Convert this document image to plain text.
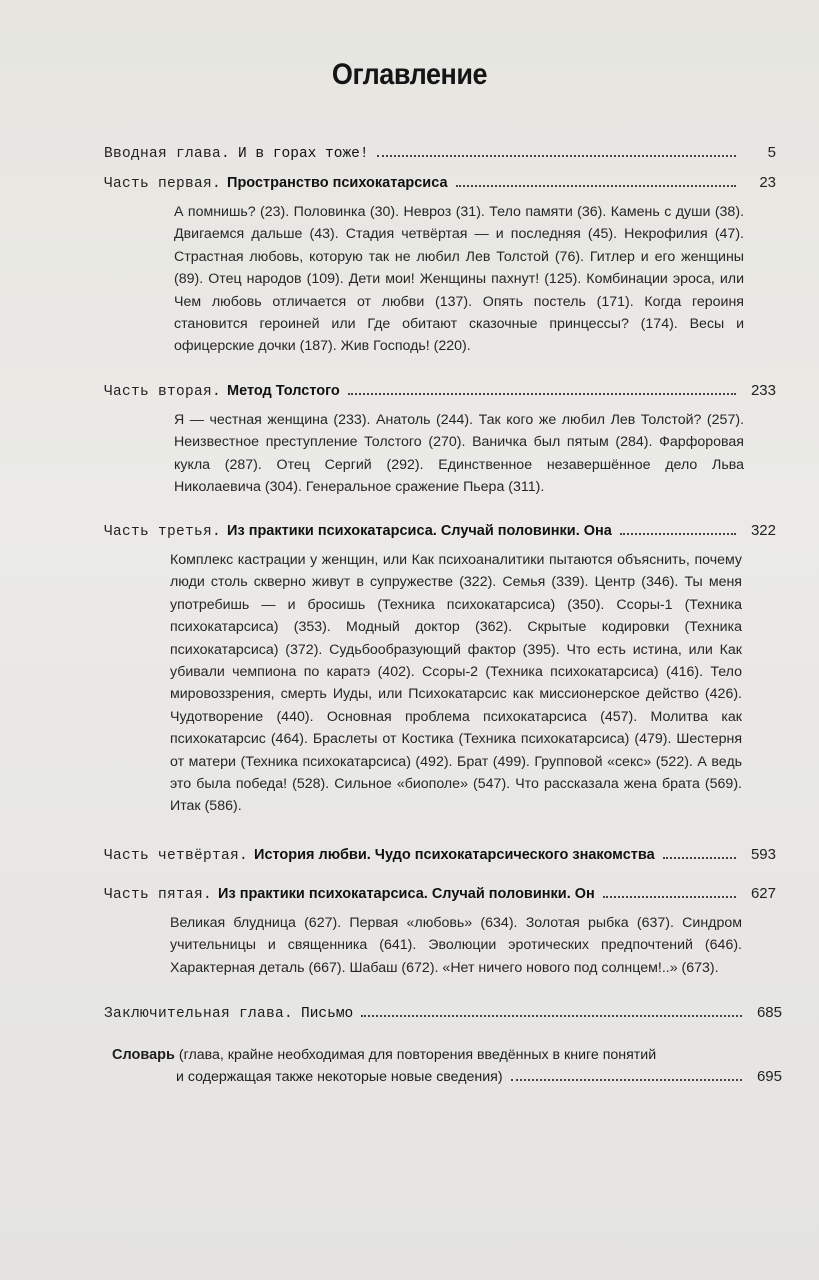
Оглавление
Вводная глава. И в горах тоже!	5
Часть первая. Пространство психокатарсиса	23
А помнишь? (23). Половинка (30). Невроз (31). Тело памяти (36). Камень с души (38). Двигаемся дальше (43). Стадия четвёртая — и последняя (45). Некрофилия (47). Страстная любовь, которую так не любил Лев Толстой (76). Гитлер и его женщины (89). Отец народов (109). Дети мои! Женщины пахнут! (125). Комбинации эроса, или Чем любовь отличается от любви (137). Опять постель (171). Когда героиня становится героиней или Где обитают сказочные принцессы? (174). Весы и офицерские дочки (187). Жив Господь! (220).
Часть вторая. Метод Толстого	233
Я — честная женщина (233). Анатоль (244). Так кого же любил Лев Толстой? (257). Неизвестное преступление Толстого (270). Ваничка был пятым (284). Фарфоровая кукла (287). Отец Сергий (292). Единственное незавершённое дело Льва Николаевича (304). Генеральное сражение Пьера (311).
Часть третья. Из практики психокатарсиса. Случай половинки. Она	322
Комплекс кастрации у женщин, или Как психоаналитики пытаются объяснить, почему люди столь скверно живут в супружестве (322). Семья (339). Центр (346). Ты меня употребишь — и бросишь (Техника психокатарсиса) (350). Ссоры-1 (Техника психокатарсиса) (353). Модный доктор (362). Скрытые кодировки (Техника психокатарсиса) (372). Судьбообразующий фактор (395). Что есть истина, или Как убивали чемпиона по каратэ (402). Ссоры-2 (Техника психокатарсиса) (416). Тело мировоззрения, смерть Иуды, или Психокатарсис как миссионерское действо (426). Чудотворение (440). Основная проблема психокатарсиса (457). Молитва как психокатарсис (464). Браслеты от Костика (Техника психокатарсиса) (479). Шестерня от матери (Техника психокатарсиса) (492). Брат (499). Групповой «секс» (522). А ведь это была победа! (528). Сильное «биополе» (547). Что рассказала жена брата (569). Итак (586).
Часть четвёртая. История любви. Чудо психокатарсического знакомства	593
Часть пятая. Из практики психокатарсиса. Случай половинки. Он	627
Великая блудница (627). Первая «любовь» (634). Золотая рыбка (637). Синдром учительницы и священника (641). Эволюции эротических предпочтений (646). Характерная деталь (667). Шабаш (672). «Нет ничего нового под солнцем!..» (673).
Заключительная глава. Письмо	685
Словарь (глава, крайне необходимая для повторения введённых в книге понятий
и содержащая также некоторые новые сведения)	695
